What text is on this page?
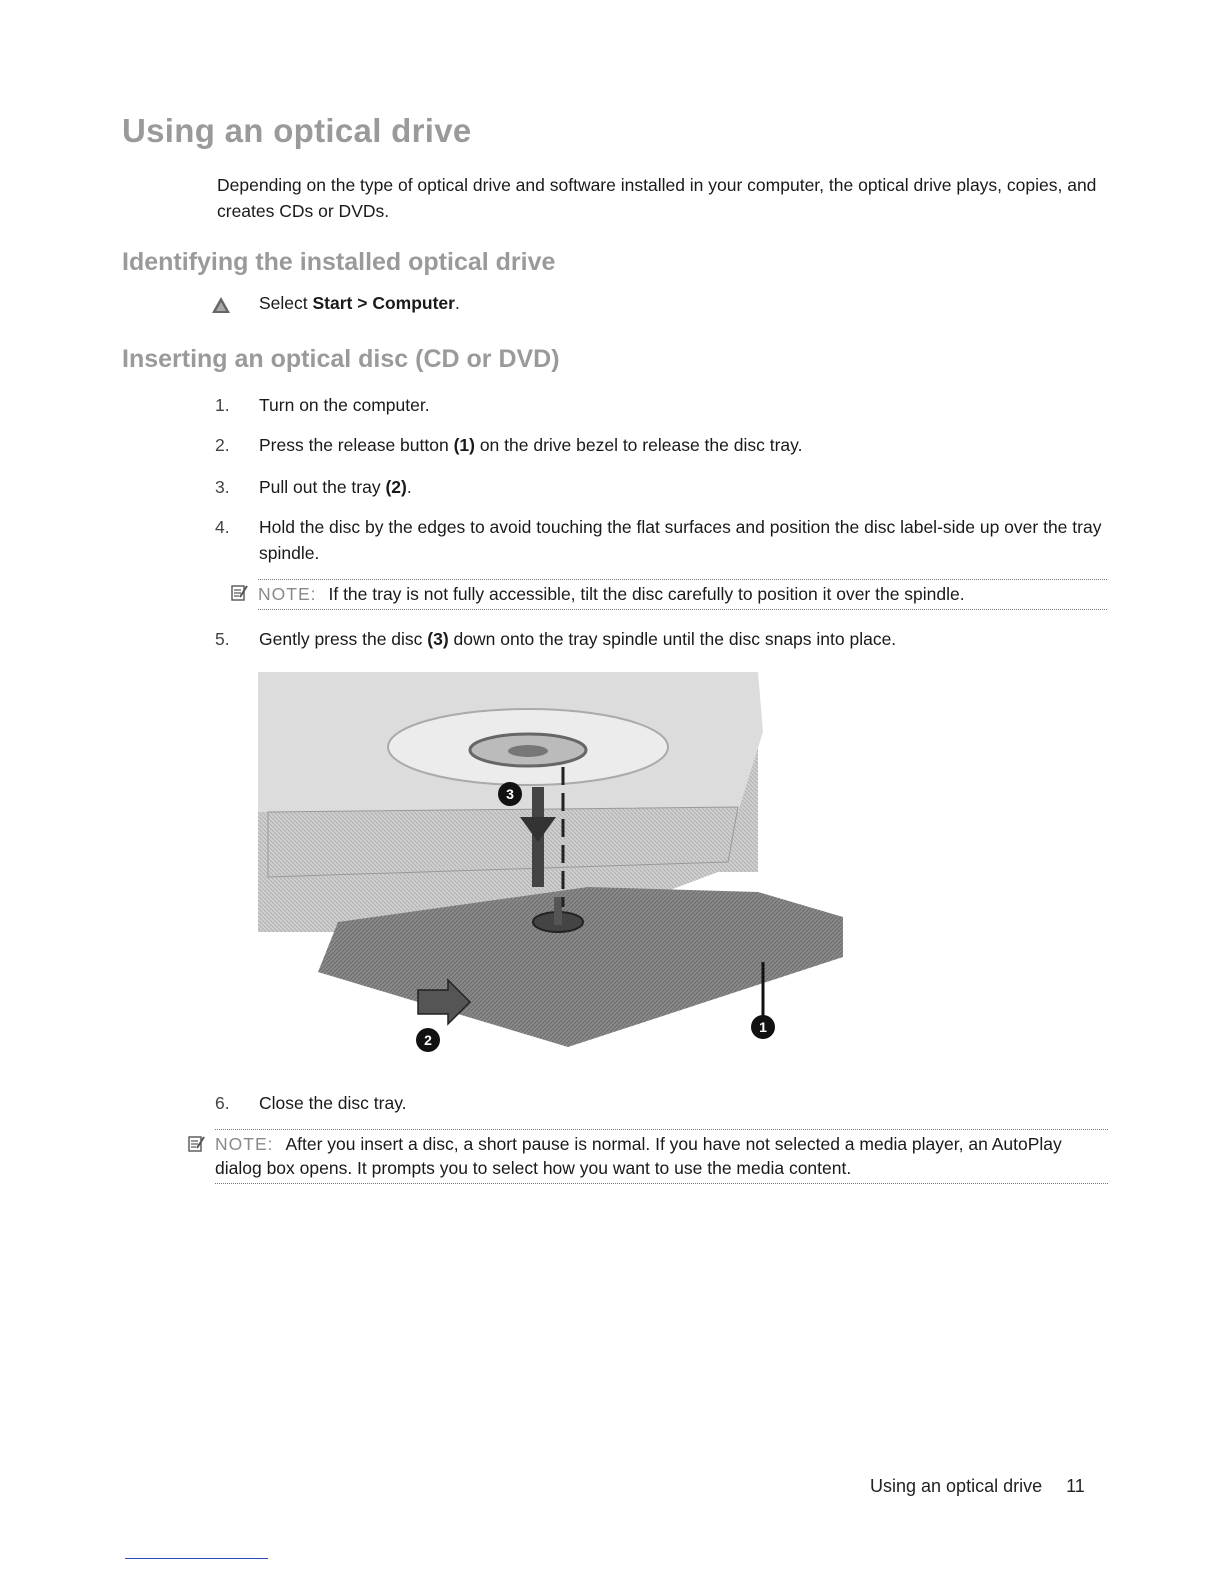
Using an optical drive

Depending on the type of optical drive and software installed in your computer, the optical drive plays, copies, and creates CDs or DVDs.

Identifying the installed optical drive
Select Start > Computer.
Inserting an optical disc (CD or DVD)
1. Turn on the computer.
2. Press the release button (1) on the drive bezel to release the disc tray.
3. Pull out the tray (2).
4. Hold the disc by the edges to avoid touching the flat surfaces and position the disc label-side up over the tray spindle.
NOTE: If the tray is not fully accessible, tilt the disc carefully to position it over the spindle.
5. Gently press the disc (3) down onto the tray spindle until the disc snaps into place.
3
1
2
6. Close the disc tray.
NOTE: After you insert a disc, a short pause is normal. If you have not selected a media player, an AutoPlay dialog box opens. It prompts you to select how you want to use the media content.
Using an optical drive 11
